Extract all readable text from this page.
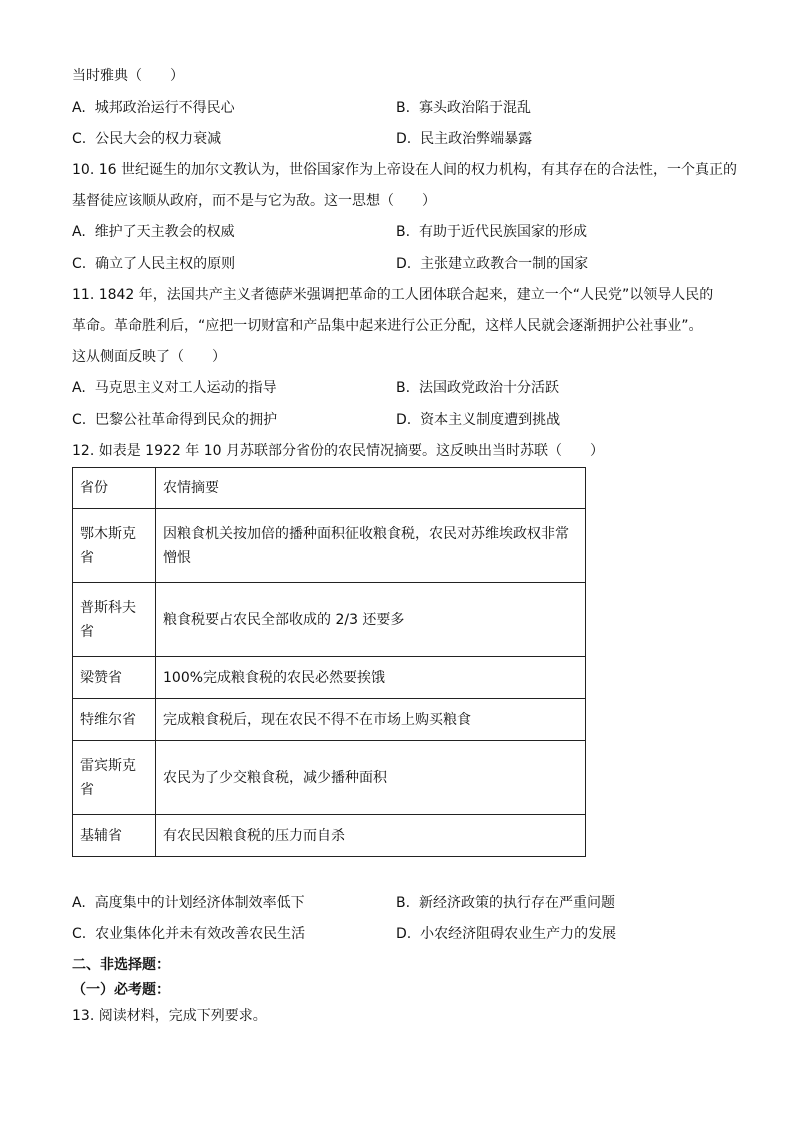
当时雅典（　　）
A. 城邦政治运行不得民心	B. 寡头政治陷于混乱
C. 公民大会的权力衰减	D. 民主政治弊端暴露
10. 16 世纪诞生的加尔文教认为，世俗国家作为上帝设在人间的权力机构，有其存在的合法性，一个真正的
基督徒应该顺从政府，而不是与它为敌。这一思想（　　）
A. 维护了天主教会的权威	B. 有助于近代民族国家的形成
C. 确立了人民主权的原则	D. 主张建立政教合一制的国家
11. 1842 年，法国共产主义者德萨米强调把革命的工人团体联合起来，建立一个“人民党”以领导人民的
革命。革命胜利后，“应把一切财富和产品集中起来进行公正分配，这样人民就会逐渐拥护公社事业”。
这从侧面反映了（　　）
A. 马克思主义对工人运动的指导	B. 法国政党政治十分活跃
C. 巴黎公社革命得到民众的拥护	D. 资本主义制度遭到挑战
12. 如表是 1922 年 10 月苏联部分省份的农民情况摘要。这反映出当时苏联（　　）
省份	农情摘要
鄂木斯克省	因粮食机关按加倍的播种面积征收粮食税，农民对苏维埃政权非常憎恨
普斯科夫省	粮食税要占农民全部收成的 2/3 还要多
梁赞省	100%完成粮食税的农民必然要挨饿
特维尔省	完成粮食税后，现在农民不得不在市场上购买粮食
雷宾斯克省	农民为了少交粮食税，减少播种面积
基辅省	有农民因粮食税的压力而自杀
A. 高度集中的计划经济体制效率低下	B. 新经济政策的执行存在严重问题
C. 农业集体化并未有效改善农民生活	D. 小农经济阻碍农业生产力的发展
二、非选择题：
（一）必考题：
13. 阅读材料，完成下列要求。
